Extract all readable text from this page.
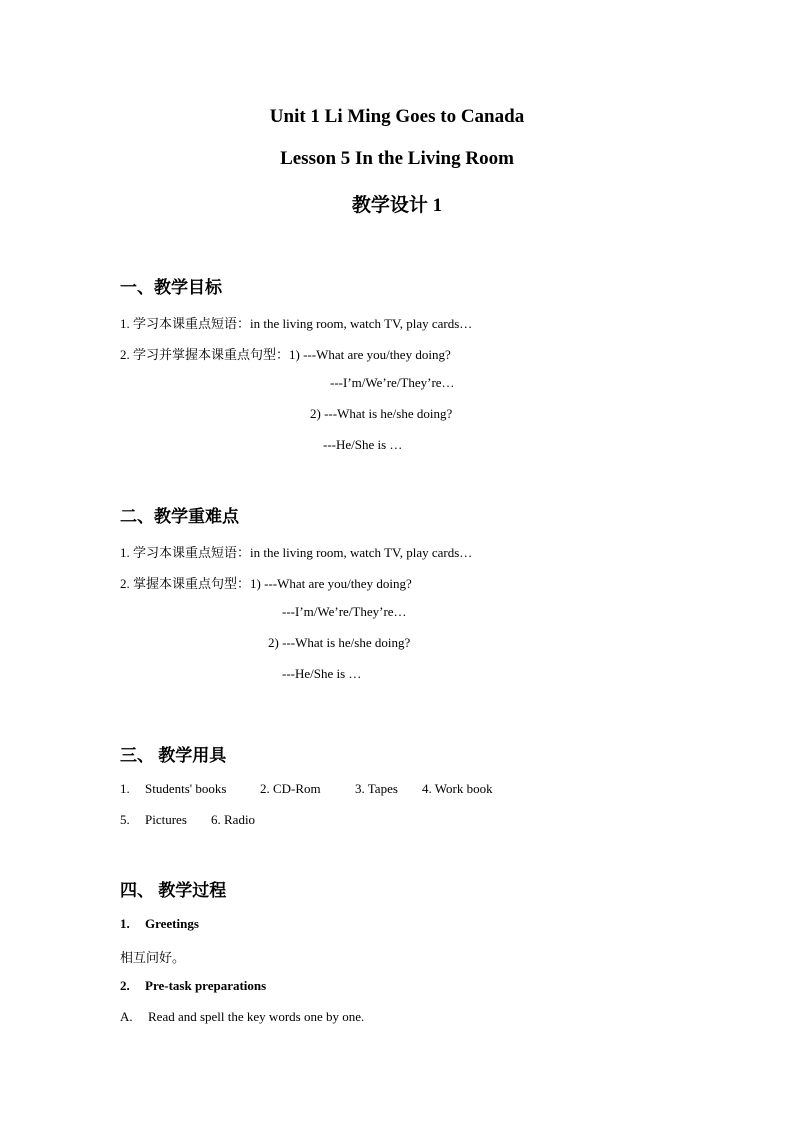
Unit 1 Li Ming Goes to Canada
Lesson 5 In the Living Room
教学设计 1
一、教学目标
1. 学习本课重点短语：in the living room, watch TV, play cards…
2. 学习并掌握本课重点句型：1) ---What are you/they doing?
---I’m/We’re/They’re…
2) ---What is he/she doing?
---He/She is …
二、教学重难点
1. 学习本课重点短语：in the living room, watch TV, play cards…
2. 掌握本课重点句型：1) ---What are you/they doing?
---I’m/We’re/They’re…
2) ---What is he/she doing?
---He/She is …
三、 教学用具
1. Students' books	2. CD-Rom	3. Tapes 4. Work book
5. Pictures 6. Radio
四、 教学过程
1. Greetings
相互问好。
2. Pre-task preparations
A. Read and spell the key words one by one.
